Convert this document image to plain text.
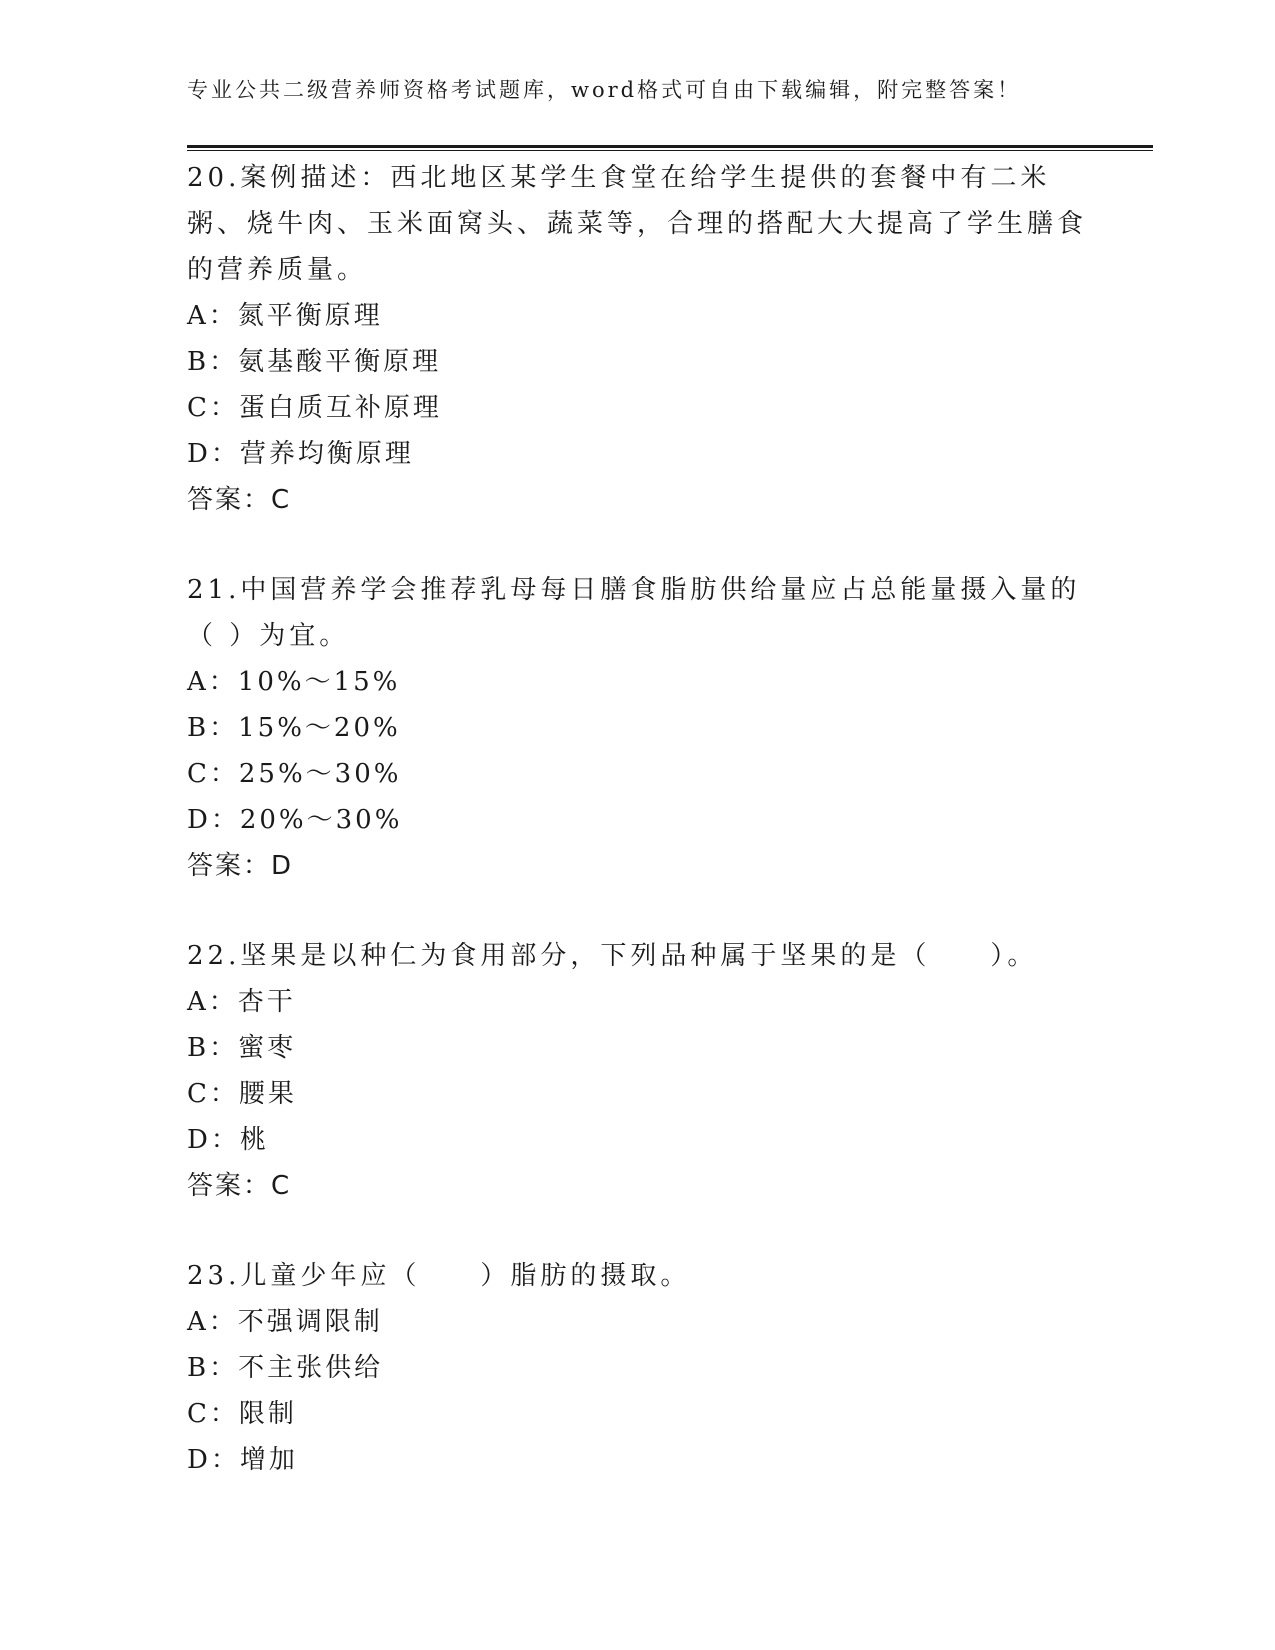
专业公共二级营养师资格考试题库，word格式可自由下载编辑，附完整答案！

20.案例描述：西北地区某学生食堂在给学生提供的套餐中有二米粥、烧牛肉、玉米面窝头、蔬菜等，合理的搭配大大提高了学生膳食的营养质量。

A：氮平衡原理

B：氨基酸平衡原理

C：蛋白质互补原理

D：营养均衡原理

答案：C

21.中国营养学会推荐乳母每日膳食脂肪供给量应占总能量摄入量的（ ）为宜。

A：10%～15%

B：15%～20%

C：25%～30%

D：20%～30%

答案：D

22.坚果是以种仁为食用部分，下列品种属于坚果的是（　　）。

A：杏干

B：蜜枣

C：腰果

D：桃

答案：C

23.儿童少年应（　　）脂肪的摄取。

A：不强调限制

B：不主张供给

C：限制

D：增加
